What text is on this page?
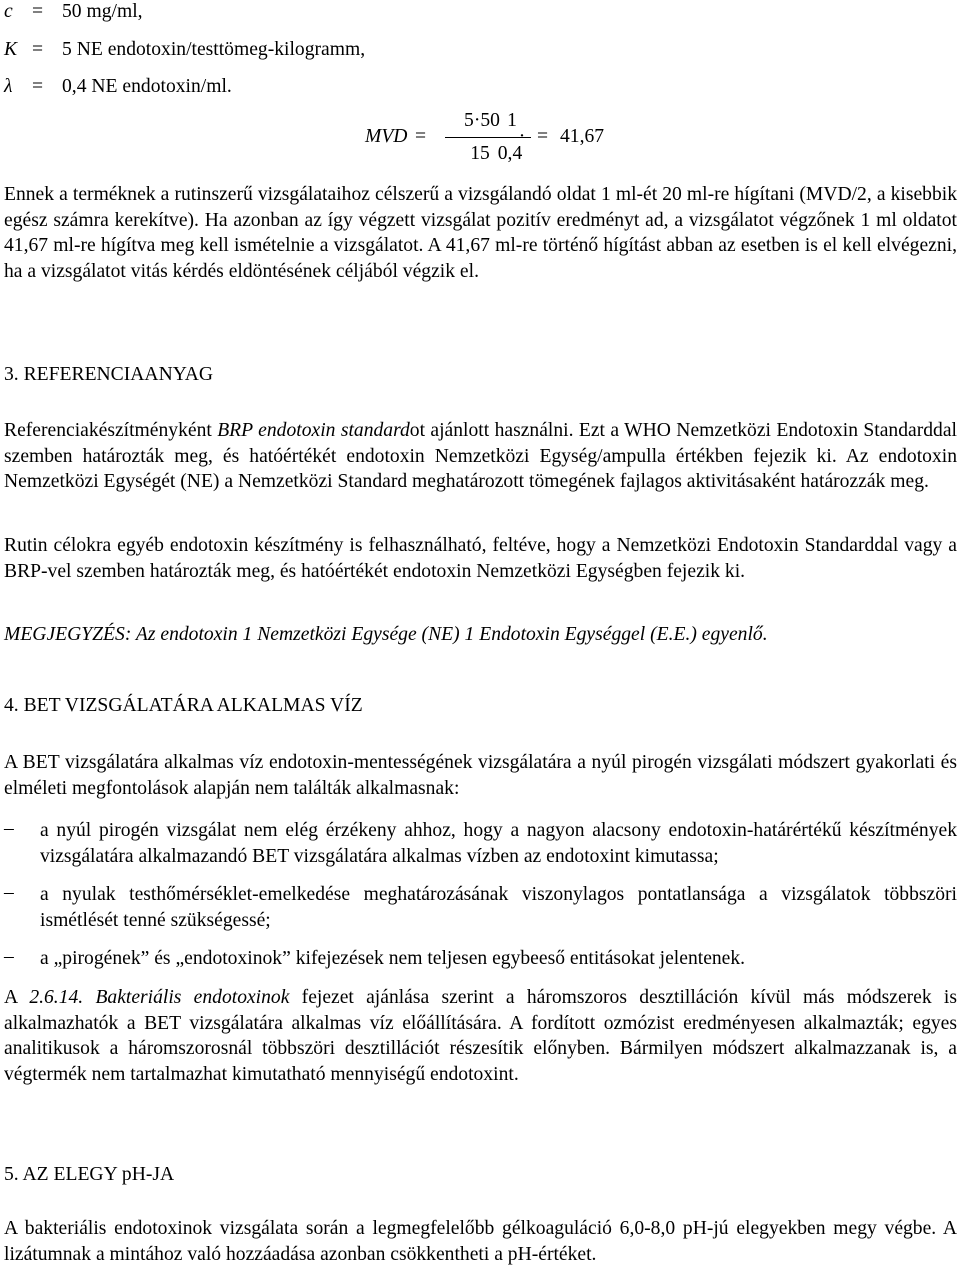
c = 50 mg/ml,
K = 5 NE endotoxin/testtömeg-kilogramm,
λ = 0,4 NE endotoxin/ml.
MVD =
5·50
15
1
0,4
= 41,67

Ennek a terméknek a rutinszerű vizsgálataihoz célszerű a vizsgálandó oldat 1 ml-ét 20 ml-re hígítani (MVD/2, a kisebbik egész számra kerekítve). Ha azonban az így végzett vizsgálat pozitív eredményt ad, a vizsgálatot végzőnek 1 ml oldatot 41,67 ml-re hígítva meg kell ismételnie a vizsgálatot. A 41,67 ml-re történő hígítást abban az esetben is el kell elvégezni, ha a vizsgálatot vitás kérdés eldöntésének céljából végzik el.

3. REFERENCIAANYAG

Referenciakészítményként BRP endotoxin standardot ajánlott használni. Ezt a WHO Nemzetközi Endotoxin Standarddal szemben határozták meg, és hatóértékét endotoxin Nemzetközi Egység/ampulla értékben fejezik ki. Az endotoxin Nemzetközi Egységét (NE) a Nemzetközi Standard meghatározott tömegének fajlagos aktivitásaként határozzák meg.

Rutin célokra egyéb endotoxin készítmény is felhasználható, feltéve, hogy a Nemzetközi Endotoxin Standarddal vagy a BRP-vel szemben határozták meg, és hatóértékét endotoxin Nemzetközi Egységben fejezik ki.

MEGJEGYZÉS: Az endotoxin 1 Nemzetközi Egysége (NE) 1 Endotoxin Egységgel (E.E.) egyenlő.

4. BET VIZSGÁLATÁRA ALKALMAS VÍZ

A BET vizsgálatára alkalmas víz endotoxin-mentességének vizsgálatára a nyúl pirogén vizsgálati módszert gyakorlati és elméleti megfontolások alapján nem találták alkalmasnak:

– a nyúl pirogén vizsgálat nem elég érzékeny ahhoz, hogy a nagyon alacsony endotoxin-határértékű készítmények vizsgálatára alkalmazandó BET vizsgálatára alkalmas vízben az endotoxint kimutassa;
– a nyulak testhőmérséklet-emelkedése meghatározásának viszonylagos pontatlansága a vizsgálatok többszöri ismétlését tenné szükségessé;
– a „pirogének” és „endotoxinok” kifejezések nem teljesen egybeeső entitásokat jelentenek.

A 2.6.14. Bakteriális endotoxinok fejezet ajánlása szerint a háromszoros desztilláción kívül más módszerek is alkalmazhatók a BET vizsgálatára alkalmas víz előállítására. A fordított ozmózist eredményesen alkalmazták; egyes analitikusok a háromszorosnál többszöri desztillációt részesítik előnyben. Bármilyen módszert alkalmazzanak is, a végtermék nem tartalmazhat kimutatható mennyiségű endotoxint.

5. AZ ELEGY pH-JA

A bakteriális endotoxinok vizsgálata során a legmegfelelőbb gélkoaguláció 6,0-8,0 pH-jú elegyekben megy végbe. A lizátumnak a mintához való hozzáadása azonban csökkentheti a pH-értéket.
